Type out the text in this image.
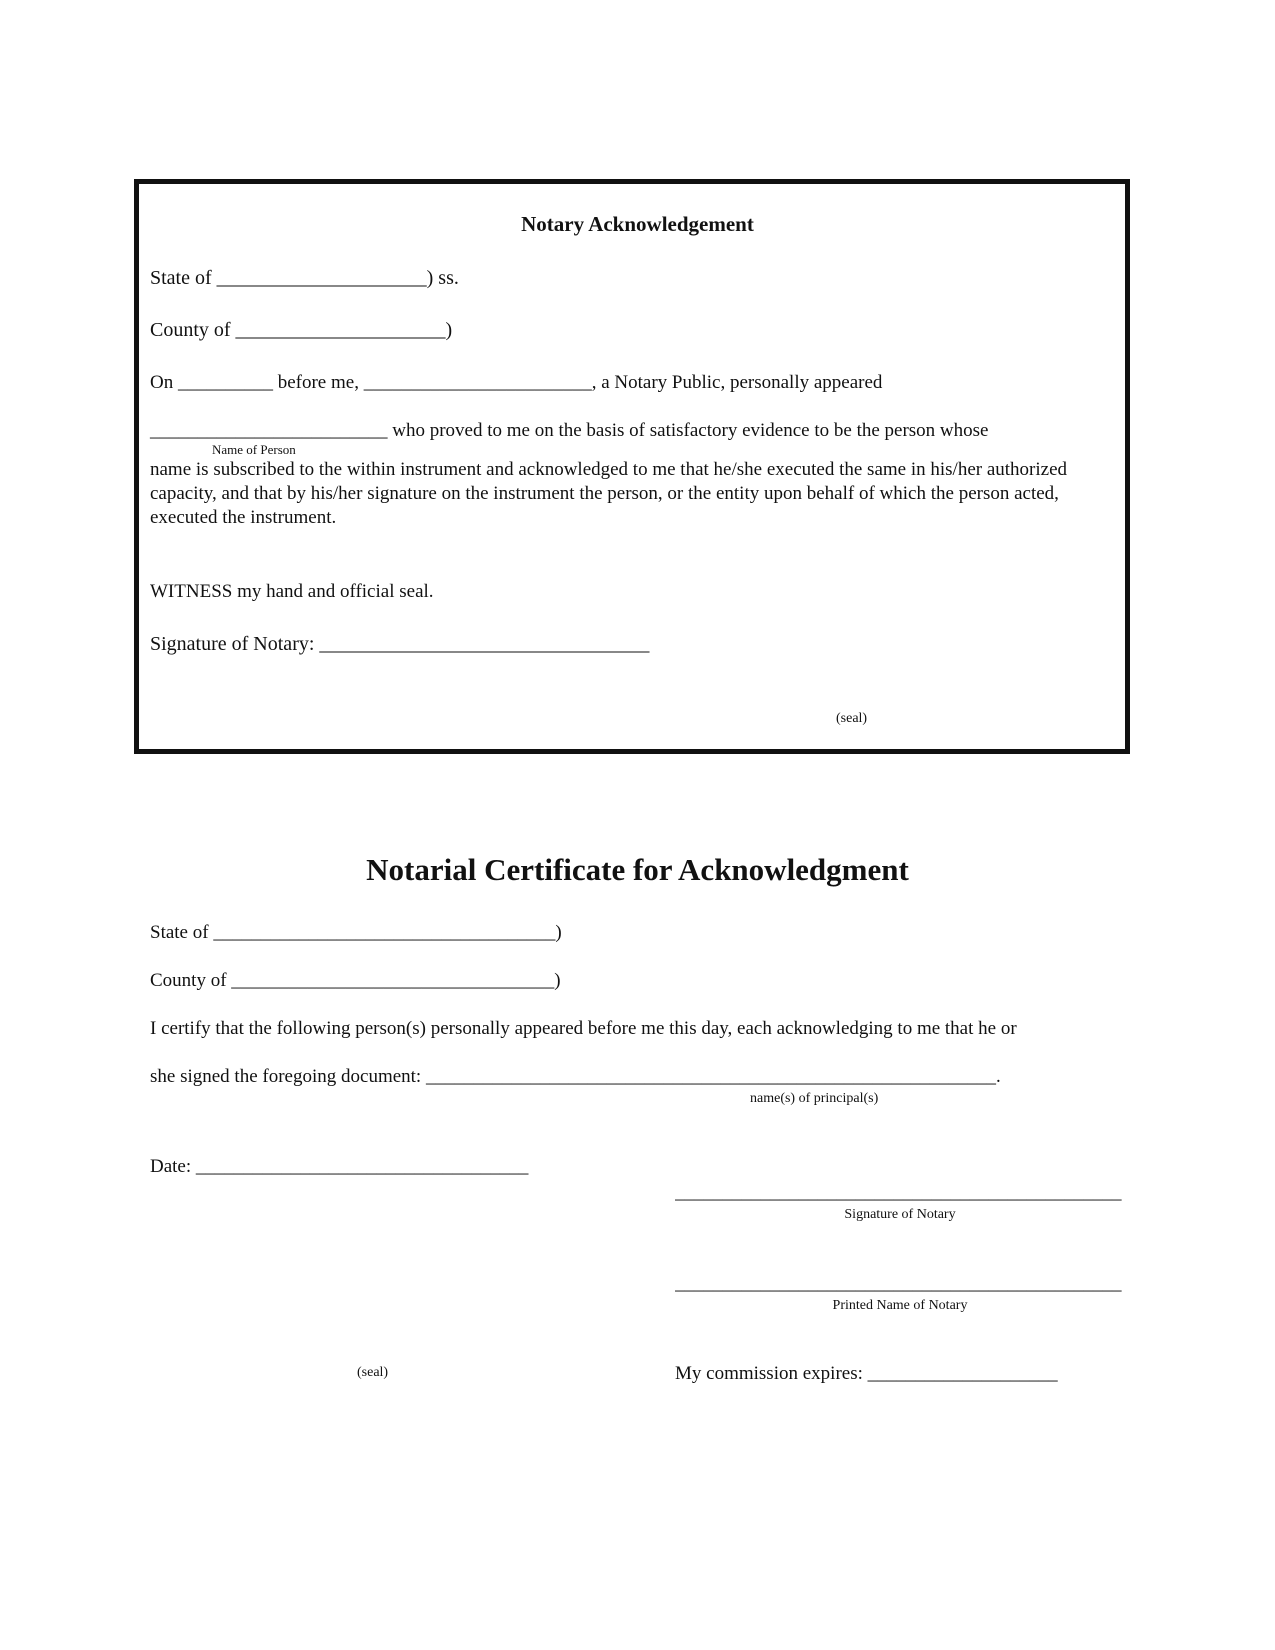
Notary Acknowledgement
State of _____________________) ss.
County of _____________________)
On __________ before me, ________________________, a Notary Public, personally appeared
_________________________ who proved to me on the basis of satisfactory evidence to be the person whose
Name of Person
name is subscribed to the within instrument and acknowledged to me that he/she executed the same in his/her authorized capacity, and that by his/her signature on the instrument the person, or the entity upon behalf of which the person acted, executed the instrument.
WITNESS my hand and official seal.
Signature of Notary: _________________________________
(seal)
Notarial Certificate for Acknowledgment
State of ____________________________________)
County of __________________________________)
I certify that the following person(s) personally appeared before me this day, each acknowledging to me that he or
she signed the foregoing document: ____________________________________________________________.
name(s) of principal(s)
Date: ___________________________________
_______________________________________________
Signature of Notary
_______________________________________________
Printed Name of Notary
(seal)	My commission expires: ____________________
